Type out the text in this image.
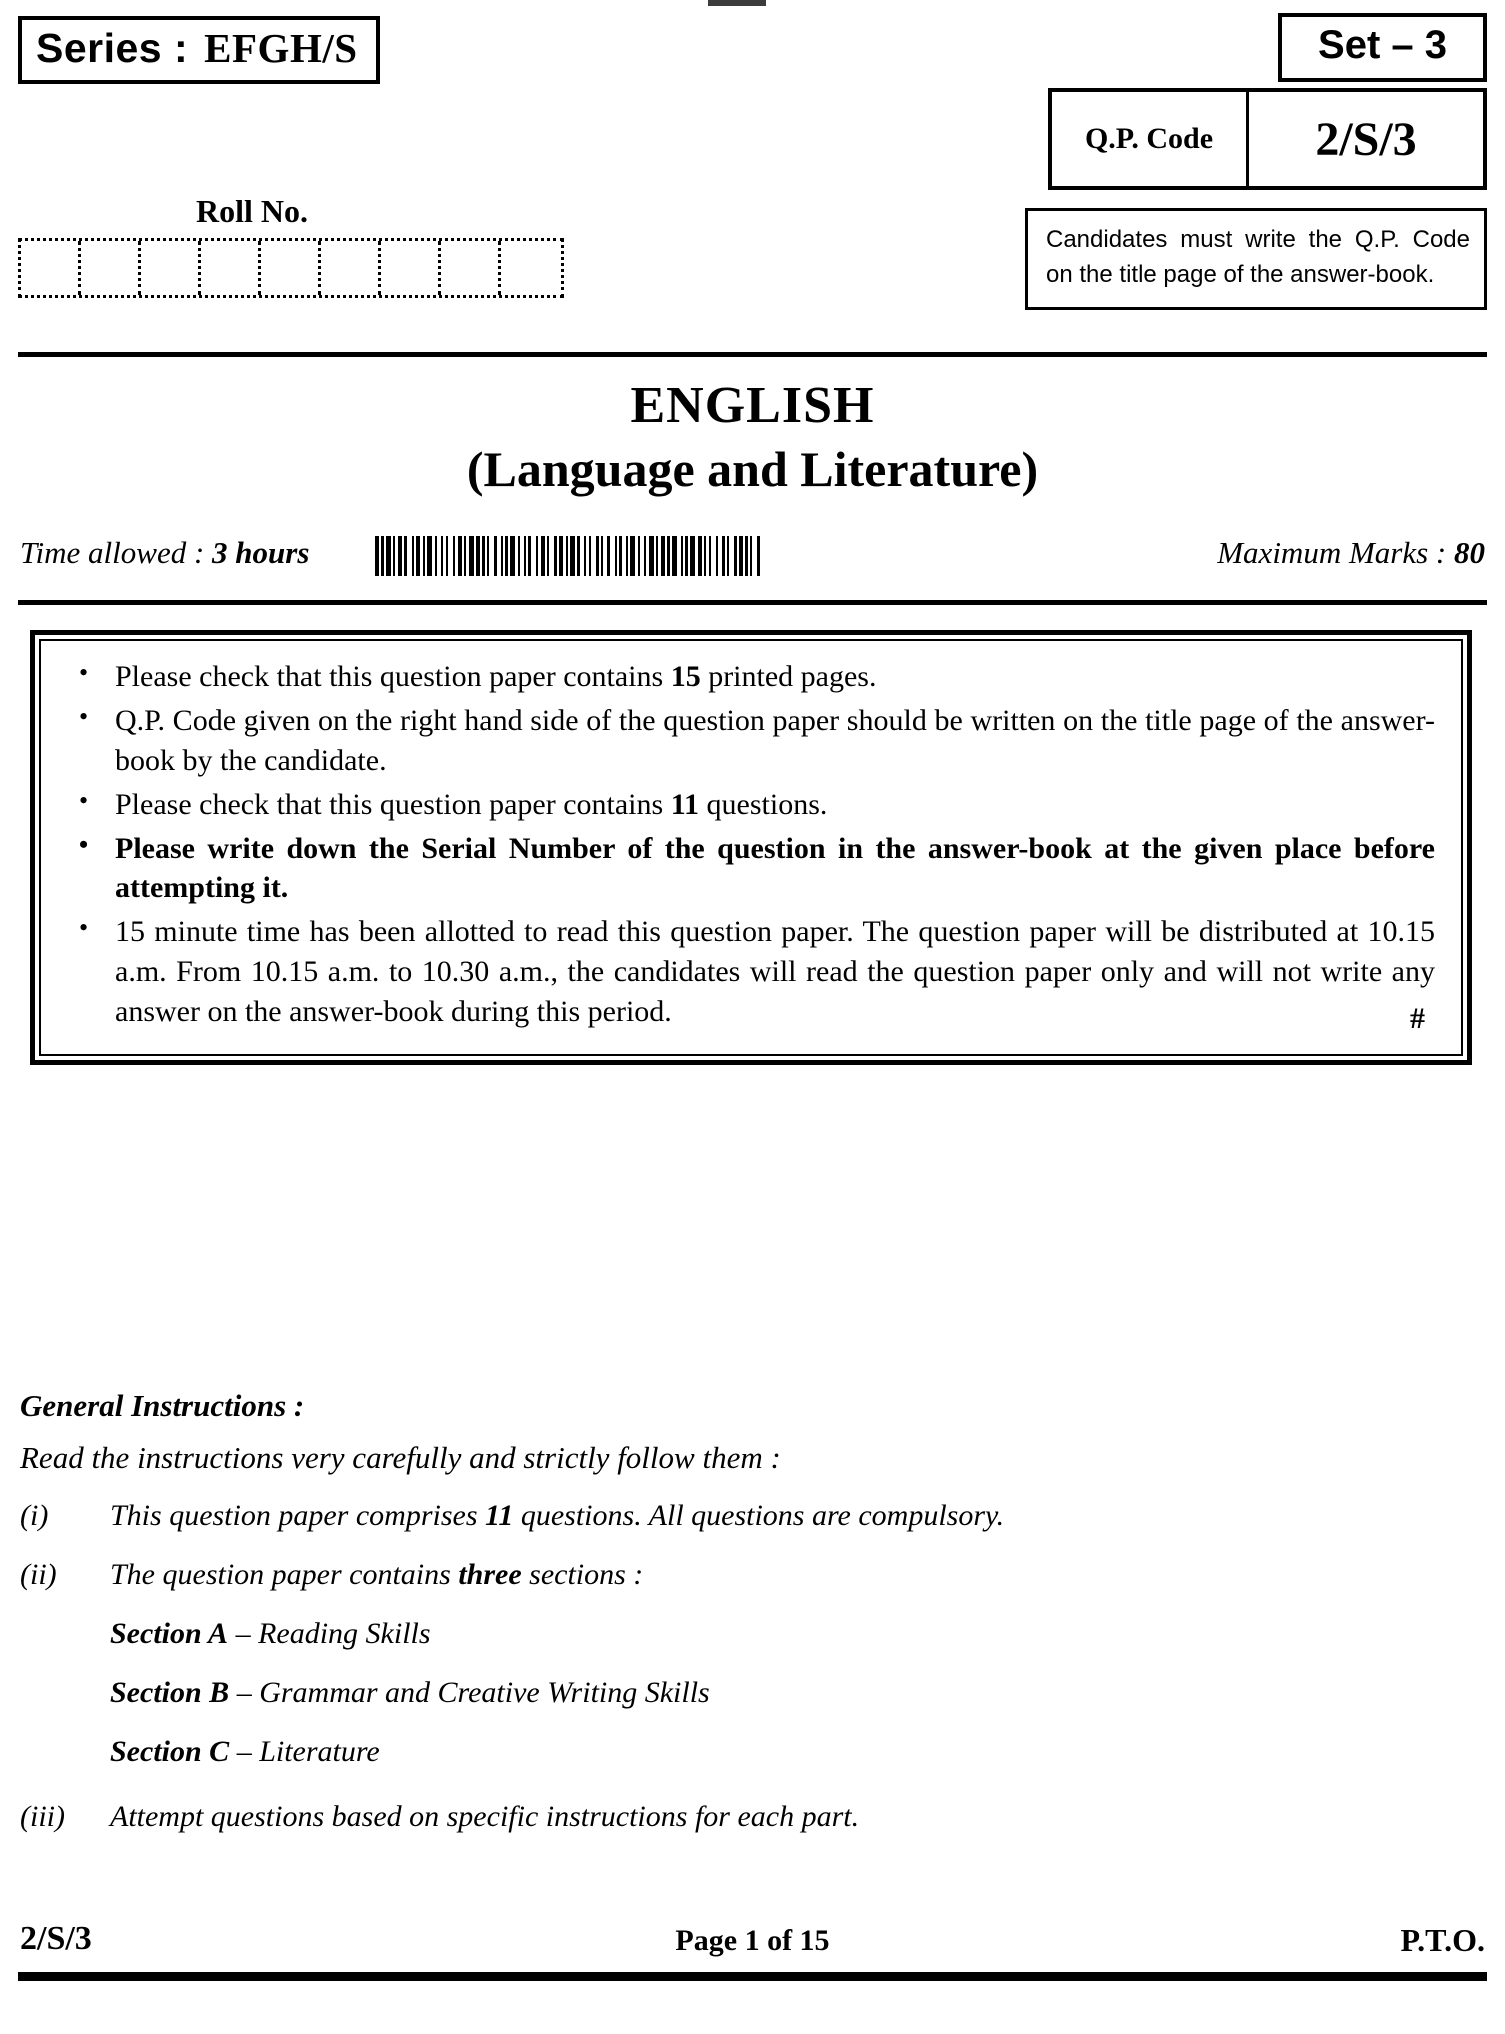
Series : EFGH/S	Set – 3
Q.P. Code	2/S/3
Candidates must write the Q.P. Code on the title page of the answer-book.
Roll No.
ENGLISH
(Language and Literature)
Time allowed : 3 hours	Maximum Marks : 80
• Please check that this question paper contains 15 printed pages.
• Q.P. Code given on the right hand side of the question paper should be written on the title page of the answer-book by the candidate.
• Please check that this question paper contains 11 questions.
• Please write down the Serial Number of the question in the answer-book at the given place before attempting it.
• 15 minute time has been allotted to read this question paper. The question paper will be distributed at 10.15 a.m. From 10.15 a.m. to 10.30 a.m., the candidates will read the question paper only and will not write any answer on the answer-book during this period.	#
General Instructions :
Read the instructions very carefully and strictly follow them :
(i)	This question paper comprises 11 questions. All questions are compulsory.
(ii)	The question paper contains three sections :
Section A – Reading Skills
Section B – Grammar and Creative Writing Skills
Section C – Literature
(iii)	Attempt questions based on specific instructions for each part.
2/S/3	Page 1 of 15	P.T.O.
